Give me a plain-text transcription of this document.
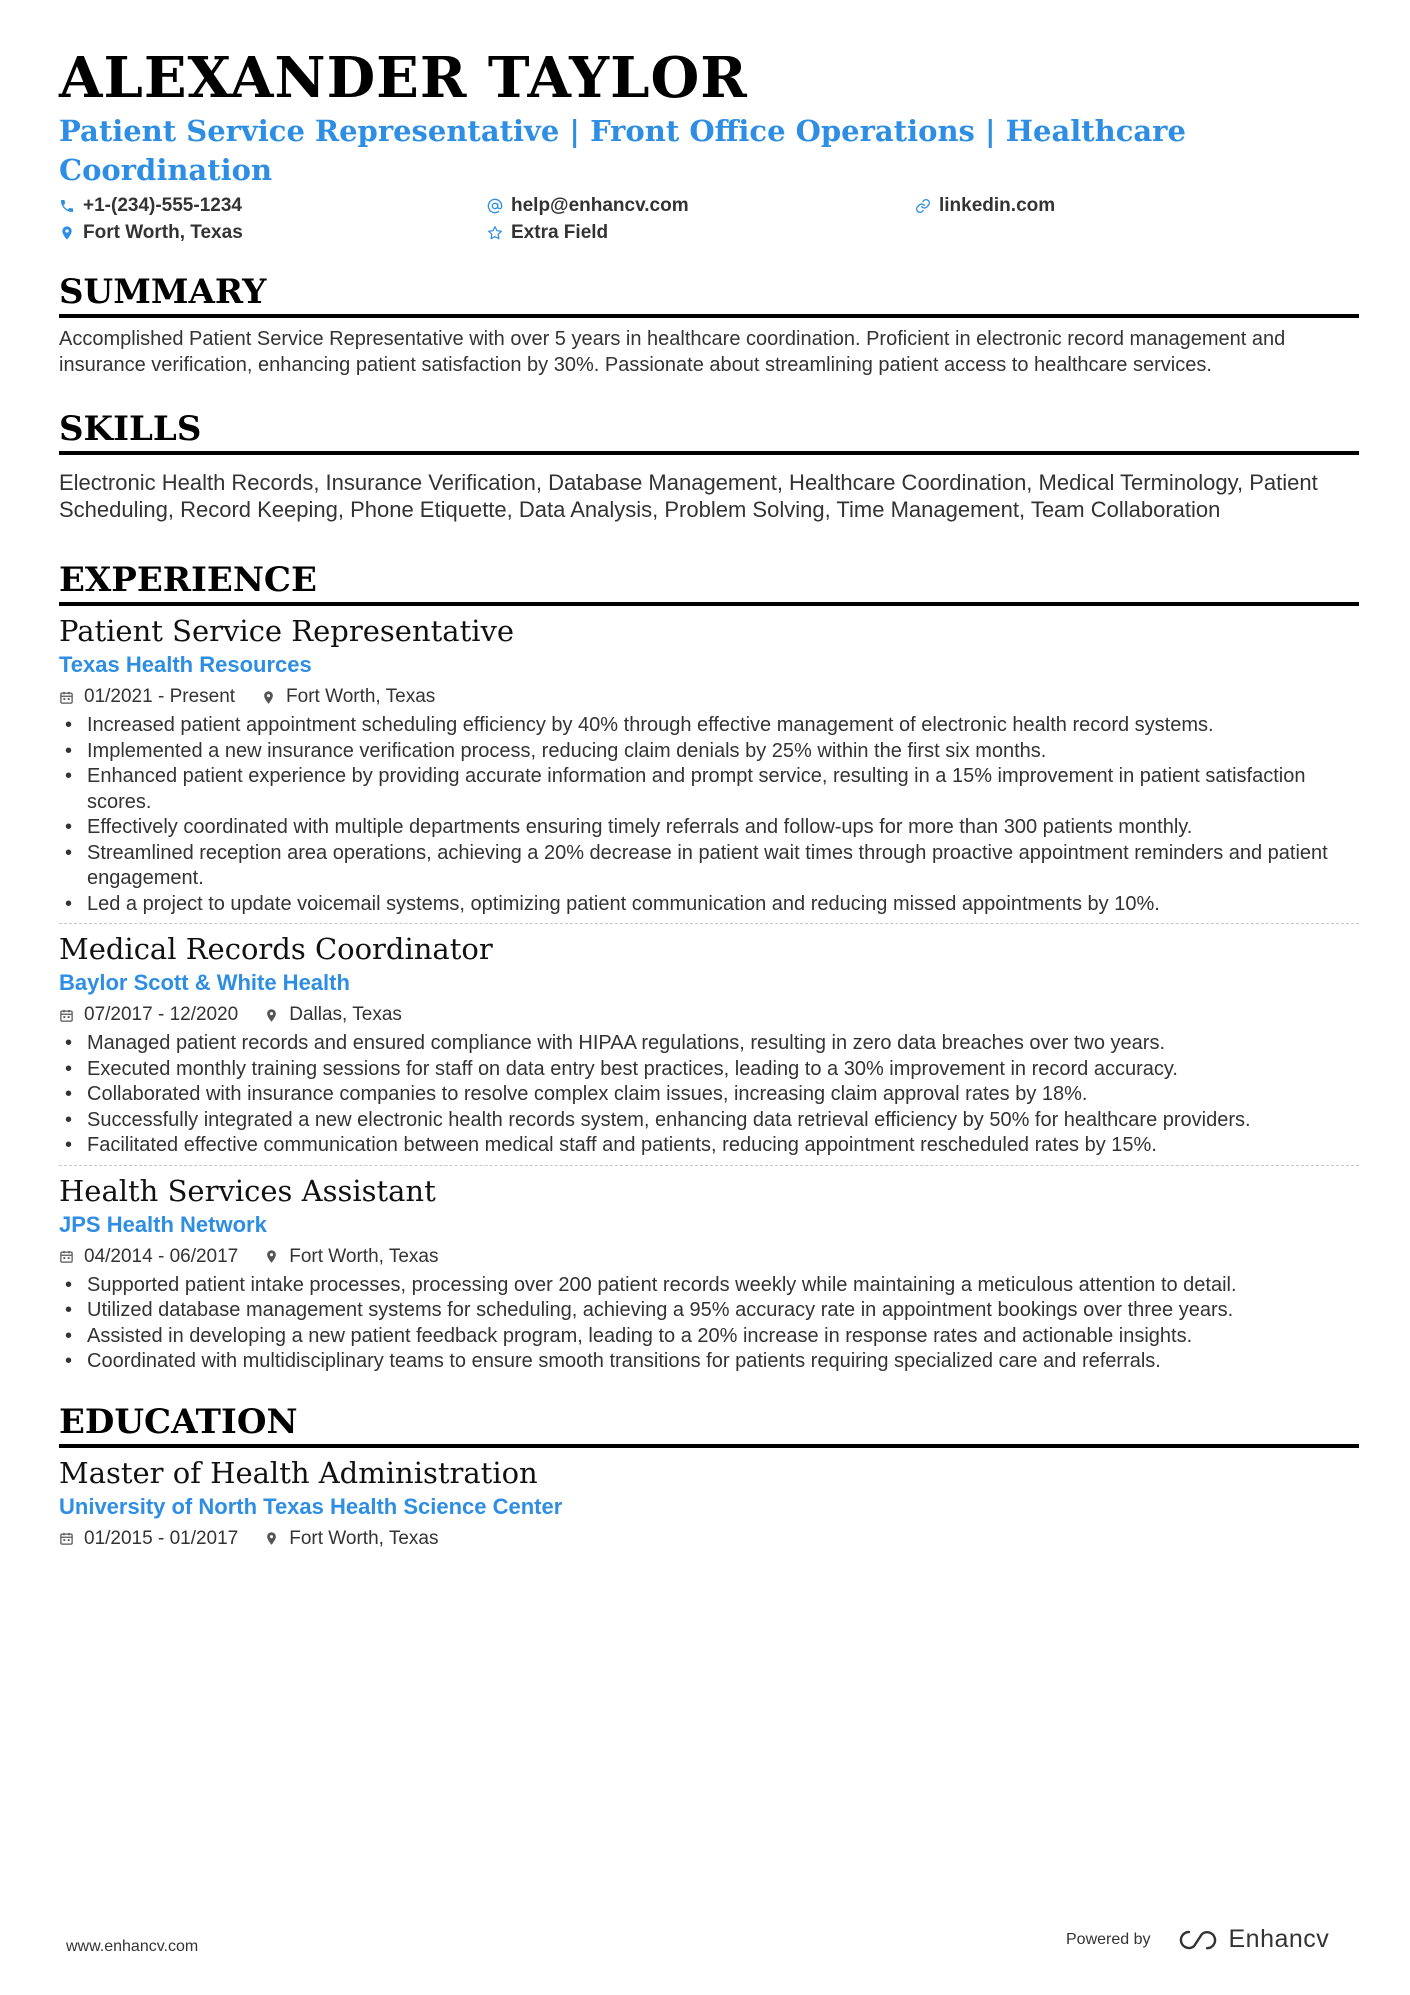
ALEXANDER TAYLOR
Patient Service Representative | Front Office Operations | Healthcare Coordination
+1-(234)-555-1234	help@enhancv.com	linkedin.com
Fort Worth, Texas	Extra Field
SUMMARY
Accomplished Patient Service Representative with over 5 years in healthcare coordination. Proficient in electronic record management and insurance verification, enhancing patient satisfaction by 30%. Passionate about streamlining patient access to healthcare services.
SKILLS
Electronic Health Records, Insurance Verification, Database Management, Healthcare Coordination, Medical Terminology, Patient Scheduling, Record Keeping, Phone Etiquette, Data Analysis, Problem Solving, Time Management, Team Collaboration
EXPERIENCE
Patient Service Representative
Texas Health Resources
01/2021 - Present	Fort Worth, Texas
• Increased patient appointment scheduling efficiency by 40% through effective management of electronic health record systems.
• Implemented a new insurance verification process, reducing claim denials by 25% within the first six months.
• Enhanced patient experience by providing accurate information and prompt service, resulting in a 15% improvement in patient satisfaction scores.
• Effectively coordinated with multiple departments ensuring timely referrals and follow-ups for more than 300 patients monthly.
• Streamlined reception area operations, achieving a 20% decrease in patient wait times through proactive appointment reminders and patient engagement.
• Led a project to update voicemail systems, optimizing patient communication and reducing missed appointments by 10%.
Medical Records Coordinator
Baylor Scott & White Health
07/2017 - 12/2020	Dallas, Texas
• Managed patient records and ensured compliance with HIPAA regulations, resulting in zero data breaches over two years.
• Executed monthly training sessions for staff on data entry best practices, leading to a 30% improvement in record accuracy.
• Collaborated with insurance companies to resolve complex claim issues, increasing claim approval rates by 18%.
• Successfully integrated a new electronic health records system, enhancing data retrieval efficiency by 50% for healthcare providers.
• Facilitated effective communication between medical staff and patients, reducing appointment rescheduled rates by 15%.
Health Services Assistant
JPS Health Network
04/2014 - 06/2017	Fort Worth, Texas
• Supported patient intake processes, processing over 200 patient records weekly while maintaining a meticulous attention to detail.
• Utilized database management systems for scheduling, achieving a 95% accuracy rate in appointment bookings over three years.
• Assisted in developing a new patient feedback program, leading to a 20% increase in response rates and actionable insights.
• Coordinated with multidisciplinary teams to ensure smooth transitions for patients requiring specialized care and referrals.
EDUCATION
Master of Health Administration
University of North Texas Health Science Center
01/2015 - 01/2017	Fort Worth, Texas
www.enhancv.com	Powered by	Enhancv
